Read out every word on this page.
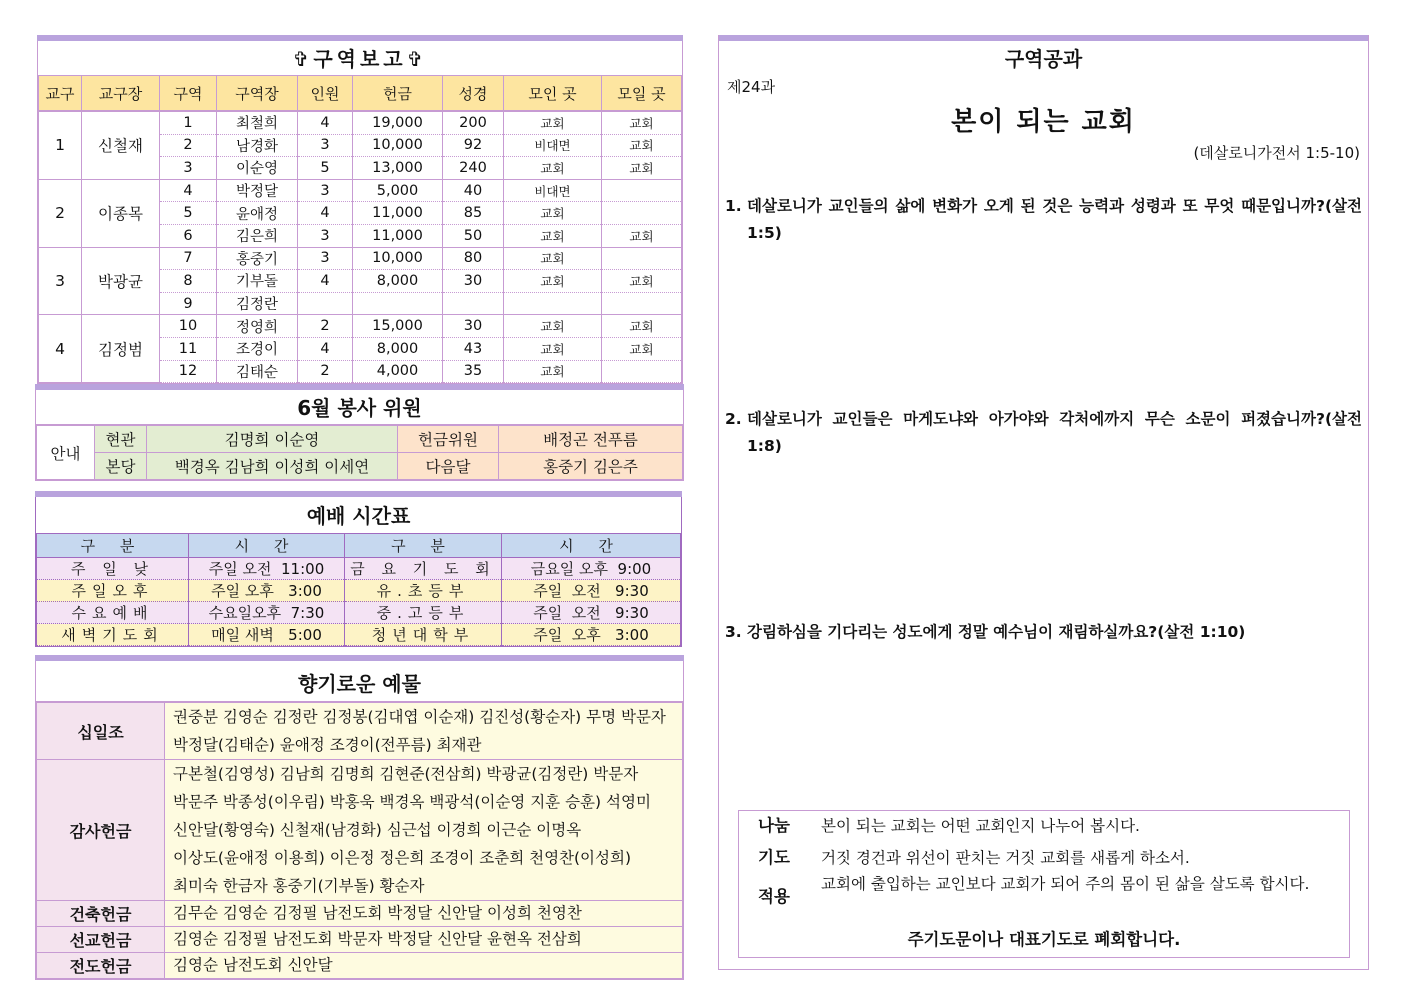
✞구역보고✞
교구	교구장	구역	구역장	인원	헌금	성경	모인 곳	모일 곳
1	신철재	1	최철희	4	19,000	200	교회	교회
		2	남경화	3	10,000	92	비대면	교회
		3	이순영	5	13,000	240	교회	교회
2	이종목	4	박정달	3	5,000	40	비대면	
		5	윤애정	4	11,000	85	교회	
		6	김은희	3	11,000	50	교회	교회
3	박광균	7	홍중기	3	10,000	80	교회	
		8	기부돌	4	8,000	30	교회	교회
		9	김정란					
4	김정범	10	정영희	2	15,000	30	교회	교회
		11	조경이	4	8,000	43	교회	교회
		12	김태순	2	4,000	35	교회	
6월 봉사 위원
안내	현관	김명희 이순영	헌금위원	배정곤 전푸름
	본당	백경옥 김남희 이성희 이세연	다음달	홍중기 김은주
예배 시간표
구 분	시 간	구 분	시 간
주 일 낮	주일 오전  11:00	금 요 기 도 회	금요일 오후  9:00
주일오후	주일 오후   3:00	유.초등부	주일  오전   9:30
수요예배	수요일오후  7:30	중.고등부	주일  오전   9:30
새벽기도회	매일 새벽   5:00	청년대학부	주일  오후   3:00
향기로운 예물
십일조	권중분 김영순 김정란 김정봉(김대엽 이순재) 김진성(황순자) 무명 박문자
박정달(김태순) 윤애정 조경이(전푸름) 최재관

감사헌금	구본철(김영성) 김남희 김명희 김현준(전삼희) 박광균(김정란) 박문자
박문주 박종성(이우림) 박홍욱 백경옥 백광석(이순영 지훈 승훈) 석영미
신안달(황영숙) 신철재(남경화) 심근섭 이경희 이근순 이명옥
이상도(윤애정 이용희) 이은정 정은희 조경이 조춘희 천영찬(이성희)
최미숙 한금자 홍중기(기부돌) 황순자

건축헌금	김무순 김영순 김정필 남전도회 박정달 신안달 이성희 천영찬

선교헌금	김영순 김정필 남전도회 박문자 박정달 신안달 윤현옥 전삼희

전도헌금	김영순 남전도회 신안달
구역공과
제24과
본이 되는 교회
(데살로니가전서 1:5-10)
1. 데살로니가 교인들의 삶에 변화가 오게 된 것은 능력과 성령과 또 무엇 때문입니까?(살전 1:5)
2. 데살로니가 교인들은 마게도냐와 아가야와 각처에까지 무슨 소문이 퍼졌습니까?(살전 1:8)
3. 강림하심을 기다리는 성도에게 정말 예수님이 재림하실까요?(살전 1:10)
나눔 본이 되는 교회는 어떤 교회인지 나누어 봅시다.
기도 거짓 경건과 위선이 판치는 거짓 교회를 새롭게 하소서.
적용
교회에 출입하는 교인보다 교회가 되어 주의 몸이 된 삶을 살도록 합시다.
주기도문이나 대표기도로 폐회합니다.
